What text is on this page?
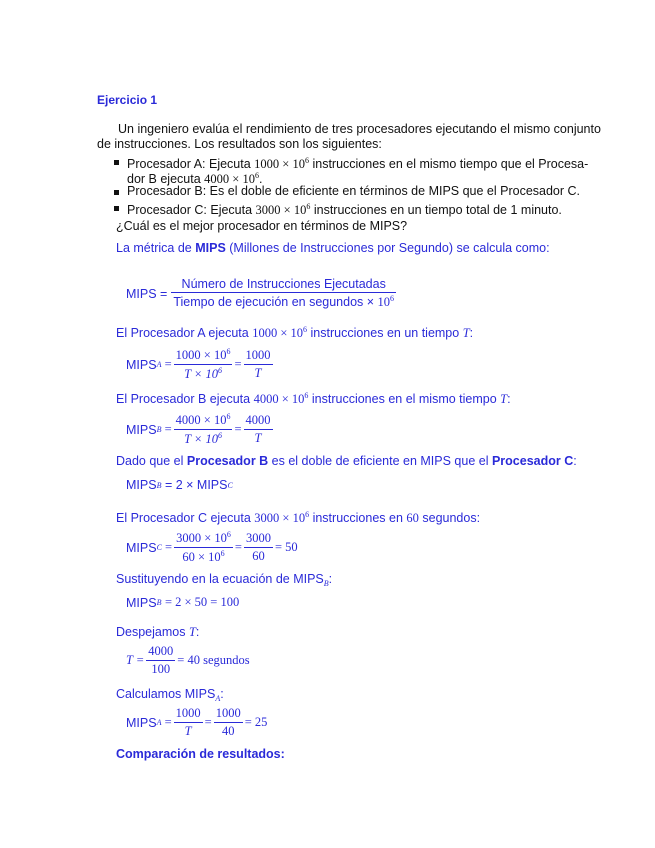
Ejercicio 1
Un ingeniero evalúa el rendimiento de tres procesadores ejecutando el mismo conjunto
de instrucciones. Los resultados son los siguientes:
Procesador A: Ejecuta $1000 \times 10^6$ instrucciones en el mismo tiempo que el Procesa-
dor B ejecuta $4000 \times 10^6$.
Procesador B: Es el doble de eficiente en términos de MIPS que el Procesador C.
Procesador C: Ejecuta $3000 \times 10^6$ instrucciones en un tiempo total de 1 minuto.
¿Cuál es el mejor procesador en términos de MIPS?
La métrica de MIPS (Millones de Instrucciones por Segundo) se calcula como:
MIPS = $\frac{\text{Número de Instrucciones Ejecutadas}}{Tiempo de ejecución en segundos \times 10^6}$
El Procesador A ejecuta $1000 \times 10^6$ instrucciones en un tiempo T:
MIPS $A = \frac{1000 \times 10^6}{T \times 10^6} = \frac{1000}{T}$
El Procesador B ejecuta $4000 \times 10^6$ instrucciones en el mismo tiempo T:
MIPS $B = \frac{4000 \times 10^6}{T \times 10^6} = \frac{4000}{T}$
Dado que el Procesador B es el doble de eficiente en MIPS que el Procesador C:
MIPS B
= 2 × MIPS C
El Procesador C ejecuta $3000 \times 10^6$ instrucciones en 60 segundos:
MIPS $C = \frac{3000 \times 10^6}{60 \times 10^6} = \frac{3000}{60} = 50$
Sustituyendo en la ecuación de $MIPS_B$:
MIPS B
= 2 × 50 = 100
Despejamos T:
$T = \frac{4000}{100} = 40$ segundos
Calculamos $MIPS_A$:
MIPS $A = \frac{1000}{T} = \frac{1000}{40} = 25$
Comparación de resultados:
